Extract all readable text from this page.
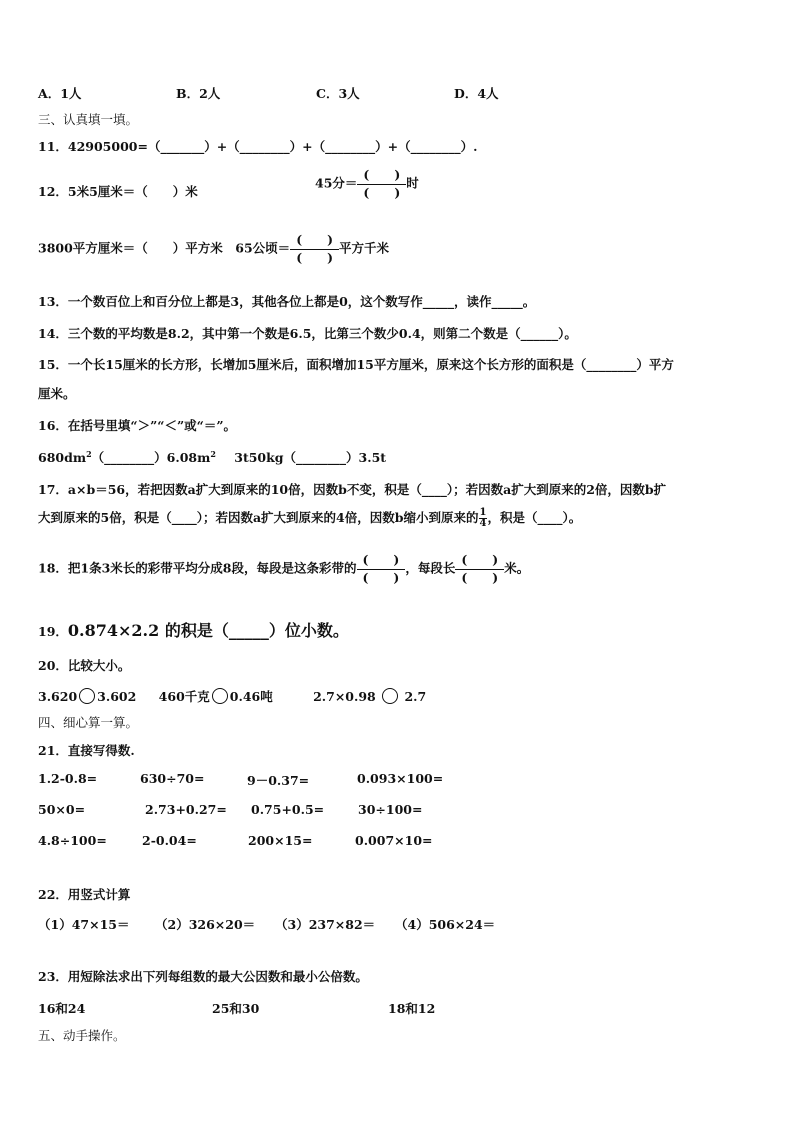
A．1人	B．2人	C．3人	D．4人
三、认真填一填。
11．42905000=（_______）+（________）+（________）+（________）.
12．5米5厘米＝（　　）米
45分＝ $\frac{( )}{( )}$ 时
3800平方厘米＝（　　）平方米　65公顷＝ $\frac{( )}{( )}$ 平方千米
13．一个数百位上和百分位上都是3，其他各位上都是0，这个数写作_____，读作_____。
14．三个数的平均数是8.2，其中第一个数是6.5，比第三个数少0.4，则第二个数是（______）。
15．一个长15厘米的长方形，长增加5厘米后，面积增加15平方厘米，原来这个长方形的面积是（________）平方
厘米。
16．在括号里填“＞”“＜”或“＝”。
$680dm^2(\_\_\_\_\_\_\_\_)6.08m^2$ 3t50kg（________）3.5t
17．a×b＝56，若把因数a扩大到原来的10倍，因数b不变，积是（____）；若因数a扩大到原来的2倍，因数b扩
大到原来的5倍，积是（____）；若因数a扩大到原来的4倍，因数b缩小到原来的 $\frac{1}{4}$ ，积是（____）。
18．把1条3米长的彩带平均分成8段，每段是这条彩带的 $\frac{( )}{( )}$ ，每段长 $\frac{( )}{( )}$ 米。
19．0.874×2.2 的积是（_____）位小数。
20．比较大小。
3.620 3.602 460千克 0.46吨	2.7×0.98 2.7
四、细心算一算。
21．直接写得数.
1.2-0.8=	630÷70=	9－0.37=	0.093×100=
50×0=	2.73+0.27= 0.75+0.5=	30÷100=
4.8÷100=	2-0.04=	200×15=	0.007×10=
22．用竖式计算
（1）47×15＝ （2）326×20＝ （3）237×82＝ （4）506×24＝
23．用短除法求出下列每组数的最大公因数和最小公倍数。
16和24	25和30	18和12
五、动手操作。
